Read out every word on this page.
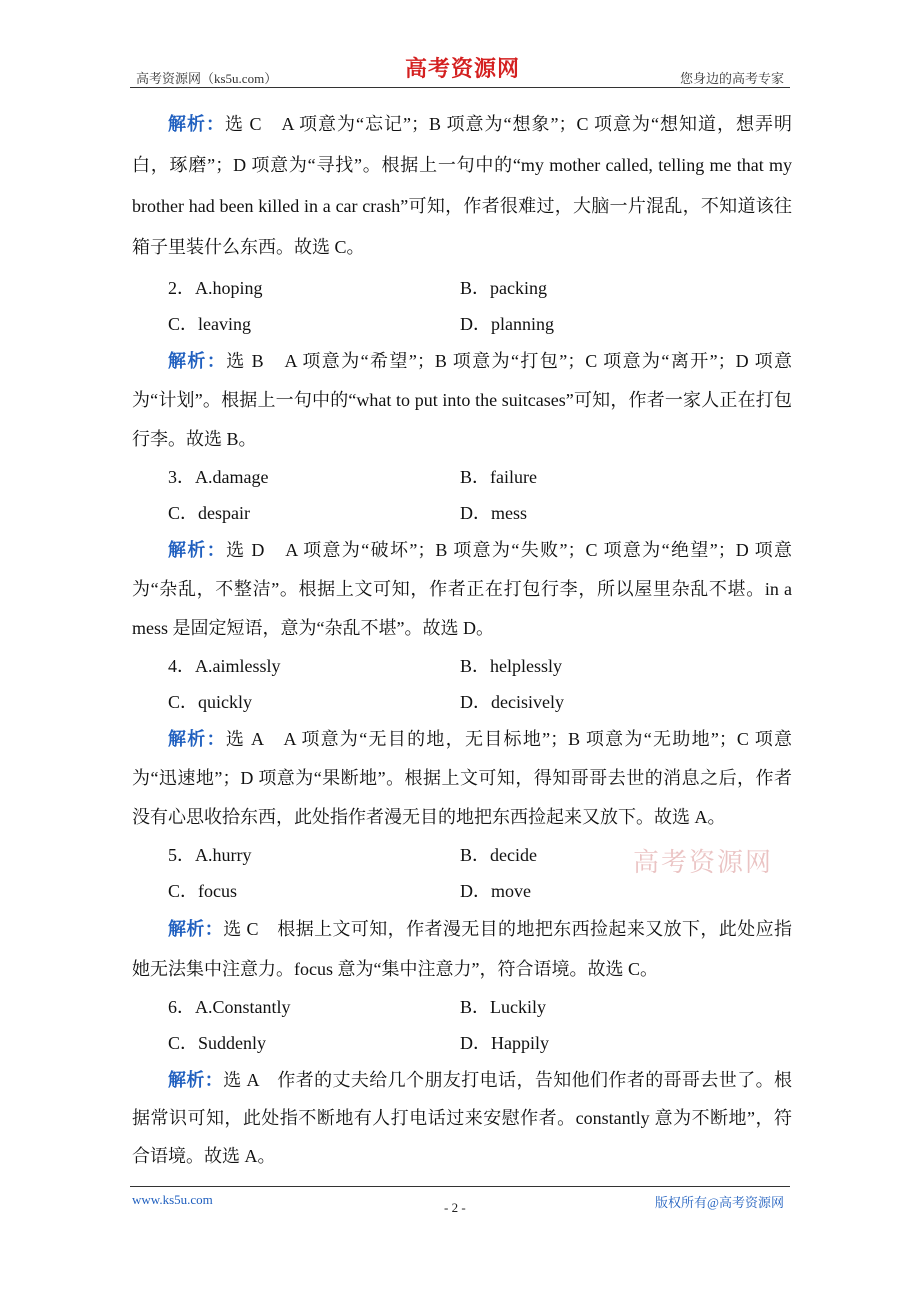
高考资源网（ks5u.com）	高考资源网	您身边的高考专家

解析：选 C　A 项意为“忘记”；B 项意为“想象”；C 项意为“想知道，想弄明白，琢磨”；D 项意为“寻找”。根据上一句中的“my mother called, telling me that my brother had been killed in a car crash”可知，作者很难过，大脑一片混乱，不知道该往箱子里装什么东西。故选 C。

2．A.hoping	B．packing
C．leaving	D．planning

解析：选 B　A 项意为“希望”；B 项意为“打包”；C 项意为“离开”；D 项意为“计划”。根据上一句中的“what to put into the suitcases”可知，作者一家人正在打包行李。故选 B。

3．A.damage	B．failure
C．despair	D．mess

解析：选 D　A 项意为“破坏”；B 项意为“失败”；C 项意为“绝望”；D 项意为“杂乱，不整洁”。根据上文可知，作者正在打包行李，所以屋里杂乱不堪。in a mess 是固定短语，意为“杂乱不堪”。故选 D。

4．A.aimlessly	B．helplessly
C．quickly	D．decisively

解析：选 A　A 项意为“无目的地，无目标地”；B 项意为“无助地”；C 项意为“迅速地”；D 项意为“果断地”。根据上文可知，得知哥哥去世的消息之后，作者没有心思收拾东西，此处指作者漫无目的地把东西捡起来又放下。故选 A。

5．A.hurry	B．decide
C．focus	D．move

解析：选 C　根据上文可知，作者漫无目的地把东西捡起来又放下，此处应指她无法集中注意力。focus 意为“集中注意力”，符合语境。故选 C。

6．A.Constantly	B．Luckily
C．Suddenly	D．Happily

解析：选 A　作者的丈夫给几个朋友打电话，告知他们作者的哥哥去世了。根据常识可知，此处指不断地有人打电话过来安慰作者。constantly 意为不断地”，符合语境。故选 A。

高考资源网
www.ks5u.com
- 2 -	版权所有@高考资源网
